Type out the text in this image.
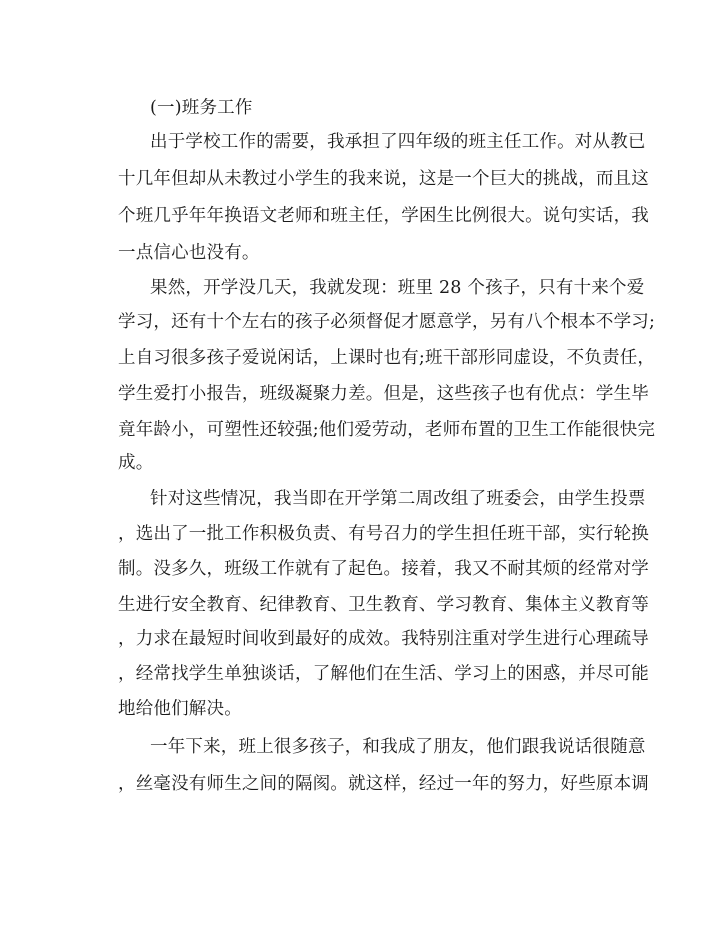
(一)班务工作
出于学校工作的需要，我承担了四年级的班主任工作。对从教已
十几年但却从未教过小学生的我来说，这是一个巨大的挑战，而且这
个班几乎年年换语文老师和班主任，学困生比例很大。说句实话，我
一点信心也没有。
果然，开学没几天，我就发现：班里 28 个孩子，只有十来个爱
学习，还有十个左右的孩子必须督促才愿意学，另有八个根本不学习;
上自习很多孩子爱说闲话，上课时也有;班干部形同虚设，不负责任，
学生爱打小报告，班级凝聚力差。但是，这些孩子也有优点：学生毕
竟年龄小，可塑性还较强;他们爱劳动，老师布置的卫生工作能很快完
成。
针对这些情况，我当即在开学第二周改组了班委会，由学生投票
，选出了一批工作积极负责、有号召力的学生担任班干部，实行轮换
制。没多久，班级工作就有了起色。接着，我又不耐其烦的经常对学
生进行安全教育、纪律教育、卫生教育、学习教育、集体主义教育等
，力求在最短时间收到最好的成效。我特别注重对学生进行心理疏导
，经常找学生单独谈话，了解他们在生活、学习上的困惑，并尽可能
地给他们解决。
一年下来，班上很多孩子，和我成了朋友，他们跟我说话很随意
，丝毫没有师生之间的隔阂。就这样，经过一年的努力，好些原本调
